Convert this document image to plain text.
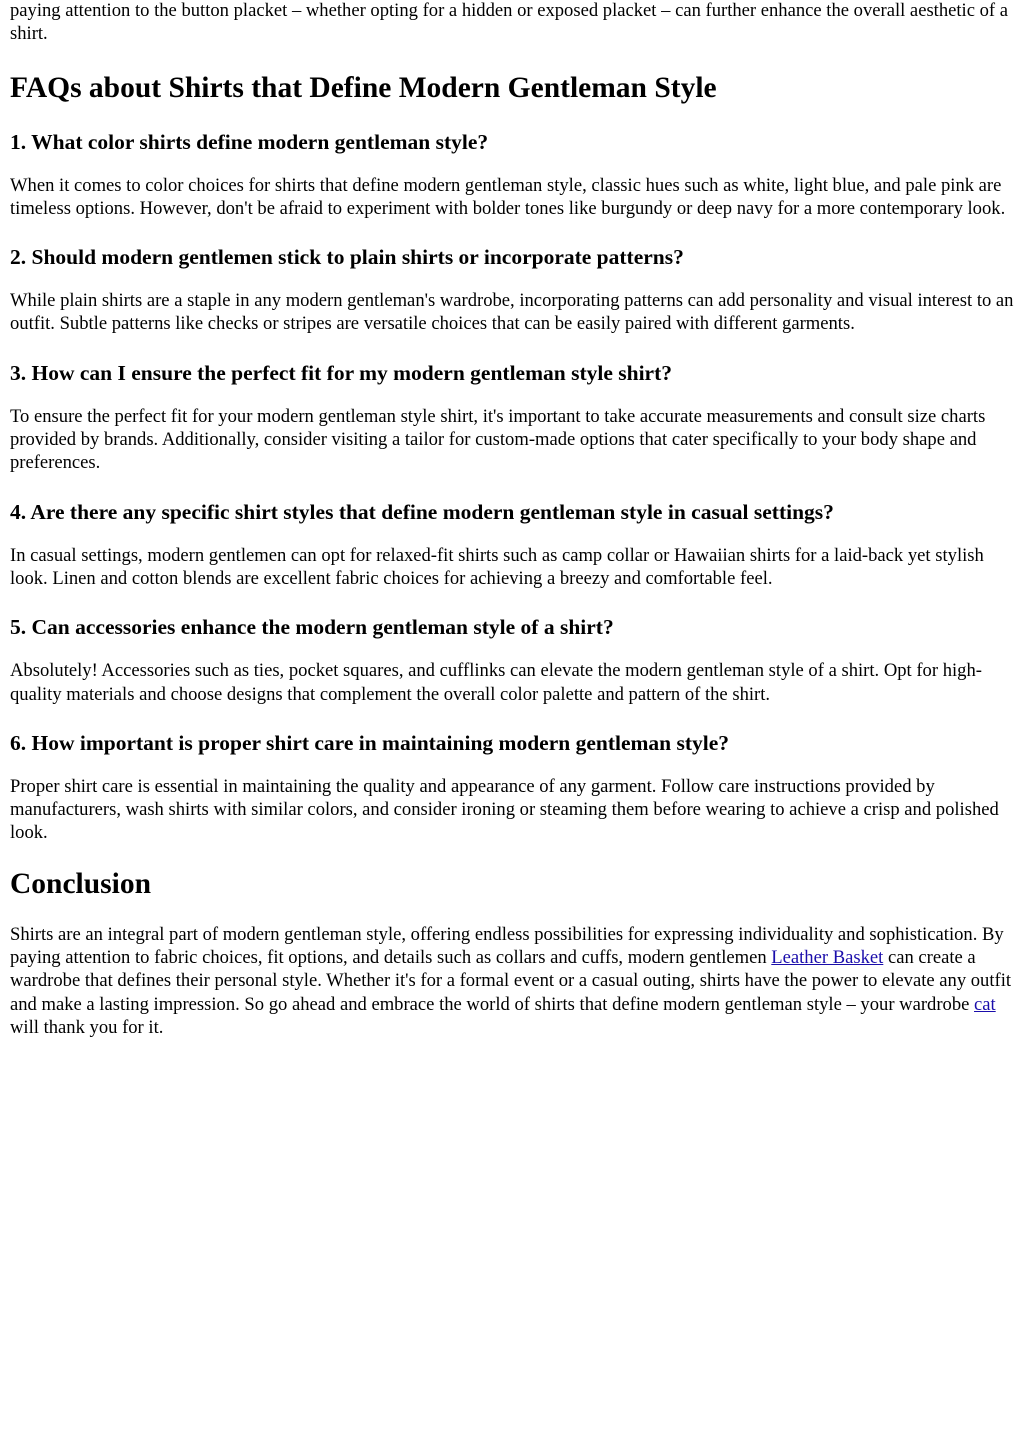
paying attention to the button placket – whether opting for a hidden or exposed placket – can further enhance the overall aesthetic of a shirt.

FAQs about Shirts that Define Modern Gentleman Style
1. What color shirts define modern gentleman style?

When it comes to color choices for shirts that define modern gentleman style, classic hues such as white, light blue, and pale pink are timeless options. However, don't be afraid to experiment with bolder tones like burgundy or deep navy for a more contemporary look.

2. Should modern gentlemen stick to plain shirts or incorporate patterns?

While plain shirts are a staple in any modern gentleman's wardrobe, incorporating patterns can add personality and visual interest to an outfit. Subtle patterns like checks or stripes are versatile choices that can be easily paired with different garments.

3. How can I ensure the perfect fit for my modern gentleman style shirt?

To ensure the perfect fit for your modern gentleman style shirt, it's important to take accurate measurements and consult size charts provided by brands. Additionally, consider visiting a tailor for custom-made options that cater specifically to your body shape and preferences.

4. Are there any specific shirt styles that define modern gentleman style in casual settings?

In casual settings, modern gentlemen can opt for relaxed-fit shirts such as camp collar or Hawaiian shirts for a laid-back yet stylish look. Linen and cotton blends are excellent fabric choices for achieving a breezy and comfortable feel.

5. Can accessories enhance the modern gentleman style of a shirt?

Absolutely! Accessories such as ties, pocket squares, and cufflinks can elevate the modern gentleman style of a shirt. Opt for high-quality materials and choose designs that complement the overall color palette and pattern of the shirt.

6. How important is proper shirt care in maintaining modern gentleman style?

Proper shirt care is essential in maintaining the quality and appearance of any garment. Follow care instructions provided by manufacturers, wash shirts with similar colors, and consider ironing or steaming them before wearing to achieve a crisp and polished look.

Conclusion

Shirts are an integral part of modern gentleman style, offering endless possibilities for expressing individuality and sophistication. By paying attention to fabric choices, fit options, and details such as collars and cuffs, modern gentlemen Leather Basket can create a wardrobe that defines their personal style. Whether it's for a formal event or a casual outing, shirts have the power to elevate any outfit and make a lasting impression. So go ahead and embrace the world of shirts that define modern gentleman style – your wardrobe cat will thank you for it.
